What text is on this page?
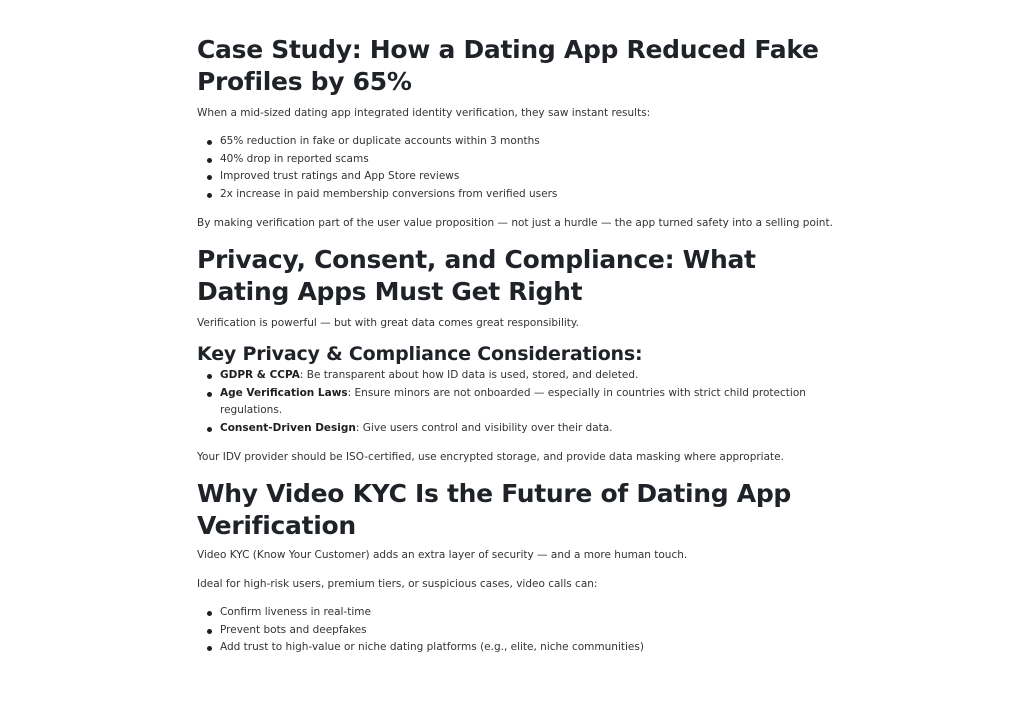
Case Study: How a Dating App Reduced Fake Profiles by 65%

When a mid-sized dating app integrated identity verification, they saw instant results:

65% reduction in fake or duplicate accounts within 3 months
40% drop in reported scams
Improved trust ratings and App Store reviews
2x increase in paid membership conversions from verified users

By making verification part of the user value proposition — not just a hurdle — the app turned safety into a selling point.

Privacy, Consent, and Compliance: What Dating Apps Must Get Right

Verification is powerful — but with great data comes great responsibility.

Key Privacy & Compliance Considerations:
GDPR & CCPA: Be transparent about how ID data is used, stored, and deleted.
Age Verification Laws: Ensure minors are not onboarded — especially in countries with strict child protection regulations.
Consent-Driven Design: Give users control and visibility over their data.

Your IDV provider should be ISO-certified, use encrypted storage, and provide data masking where appropriate.

Why Video KYC Is the Future of Dating App Verification

Video KYC (Know Your Customer) adds an extra layer of security — and a more human touch.

Ideal for high-risk users, premium tiers, or suspicious cases, video calls can:

Confirm liveness in real-time
Prevent bots and deepfakes
Add trust to high-value or niche dating platforms (e.g., elite, niche communities)
